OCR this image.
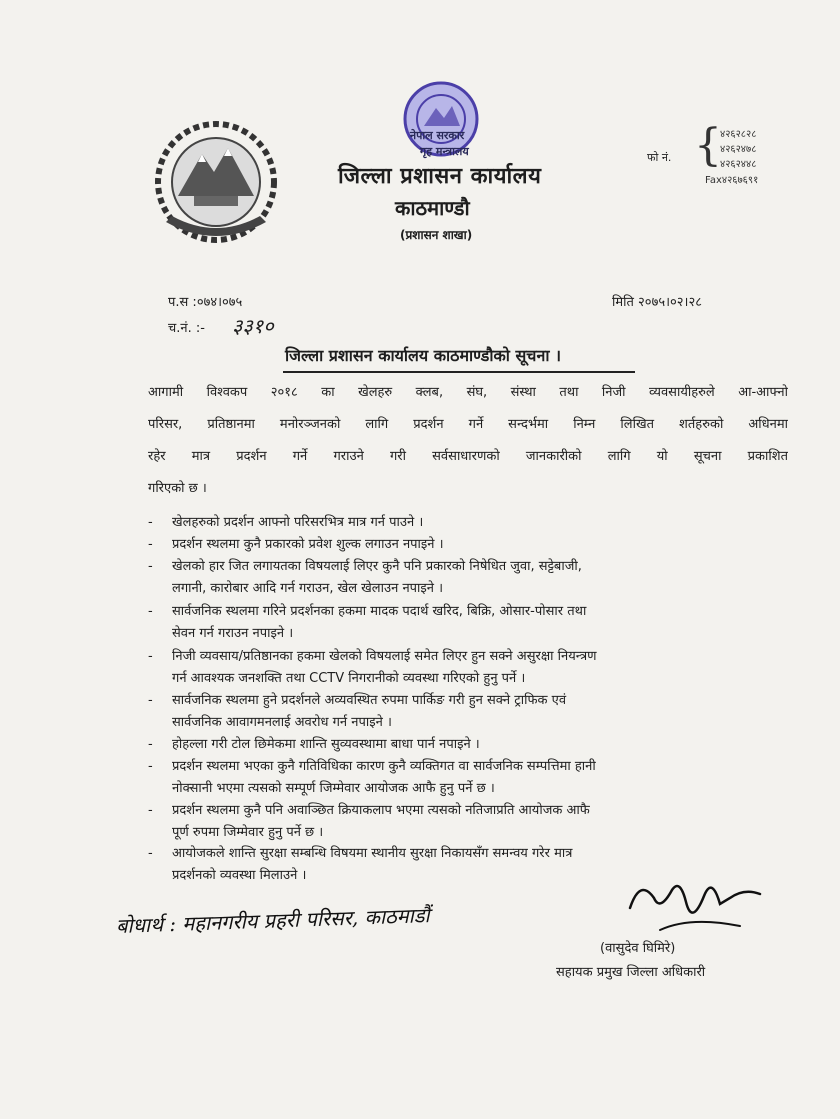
नेपाल सरकार
गृह मन्त्रालय
जिल्ला प्रशासन कार्यालय
काठमाण्डौ
(प्रशासन शाखा)
फो नं. {
४२६२८२८
४२६२४७८
४२६२४४८
Fax४२६७६९१
प.स :०७४।०७५
च.नं. :- ३३१०
मिति २०७५।०२।२८
जिल्ला प्रशासन कार्यालय काठमाण्डौको सूचना ।
आगामी विश्वकप २०१८ का खेलहरु क्लब, संघ, संस्था तथा निजी व्यवसायीहरुले आ-आफ्नो
परिसर, प्रतिष्ठानमा मनोरञ्जनको लागि प्रदर्शन गर्ने सन्दर्भमा निम्न लिखित शर्तहरुको अधिनमा
रहेर मात्र प्रदर्शन गर्ने गराउने गरी सर्वसाधारणको जानकारीको लागि यो सूचना प्रकाशित
गरिएको छ ।
- खेलहरुको प्रदर्शन आफ्नो परिसरभित्र मात्र गर्न पाउने ।
- प्रदर्शन स्थलमा कुनै प्रकारको प्रवेश शुल्क लगाउन नपाइने ।
- खेलको हार जित लगायतका विषयलाई लिएर कुनै पनि प्रकारको निषेधित जुवा, सट्टेबाजी,
लगानी, कारोबार आदि गर्न गराउन, खेल खेलाउन नपाइने ।
- सार्वजनिक स्थलमा गरिने प्रदर्शनका हकमा मादक पदार्थ खरिद, बिक्रि, ओसार-पोसार तथा
सेवन गर्न गराउन नपाइने ।
- निजी व्यवसाय/प्रतिष्ठानका हकमा खेलको विषयलाई समेत लिएर हुन सक्ने असुरक्षा नियन्त्रण
गर्न आवश्यक जनशक्ति तथा CCTV निगरानीको व्यवस्था गरिएको हुनु पर्ने ।
- सार्वजनिक स्थलमा हुने प्रदर्शनले अव्यवस्थित रुपमा पार्किङ गरी हुन सक्ने ट्राफिक एवं
सार्वजनिक आवागमनलाई अवरोध गर्न नपाइने ।
- होहल्ला गरी टोल छिमेकमा शान्ति सुव्यवस्थामा बाधा पार्न नपाइने ।
- प्रदर्शन स्थलमा भएका कुनै गतिविधिका कारण कुनै व्यक्तिगत वा सार्वजनिक सम्पत्तिमा हानी
नोक्सानी भएमा त्यसको सम्पूर्ण जिम्मेवार आयोजक आफै हुनु पर्ने छ ।
- प्रदर्शन स्थलमा कुनै पनि अवाञ्छित क्रियाकलाप भएमा त्यसको नतिजाप्रति आयोजक आफै
पूर्ण रुपमा जिम्मेवार हुनु पर्ने छ ।
- आयोजकले शान्ति सुरक्षा सम्बन्धि विषयमा स्थानीय सुरक्षा निकायसँग समन्वय गरेर मात्र
प्रदर्शनको व्यवस्था मिलाउने ।
बोधार्थ : महानगरीय प्रहरी परिसर, काठमाडौं
(वासुदेव घिमिरे)
सहायक प्रमुख जिल्ला अधिकारी
